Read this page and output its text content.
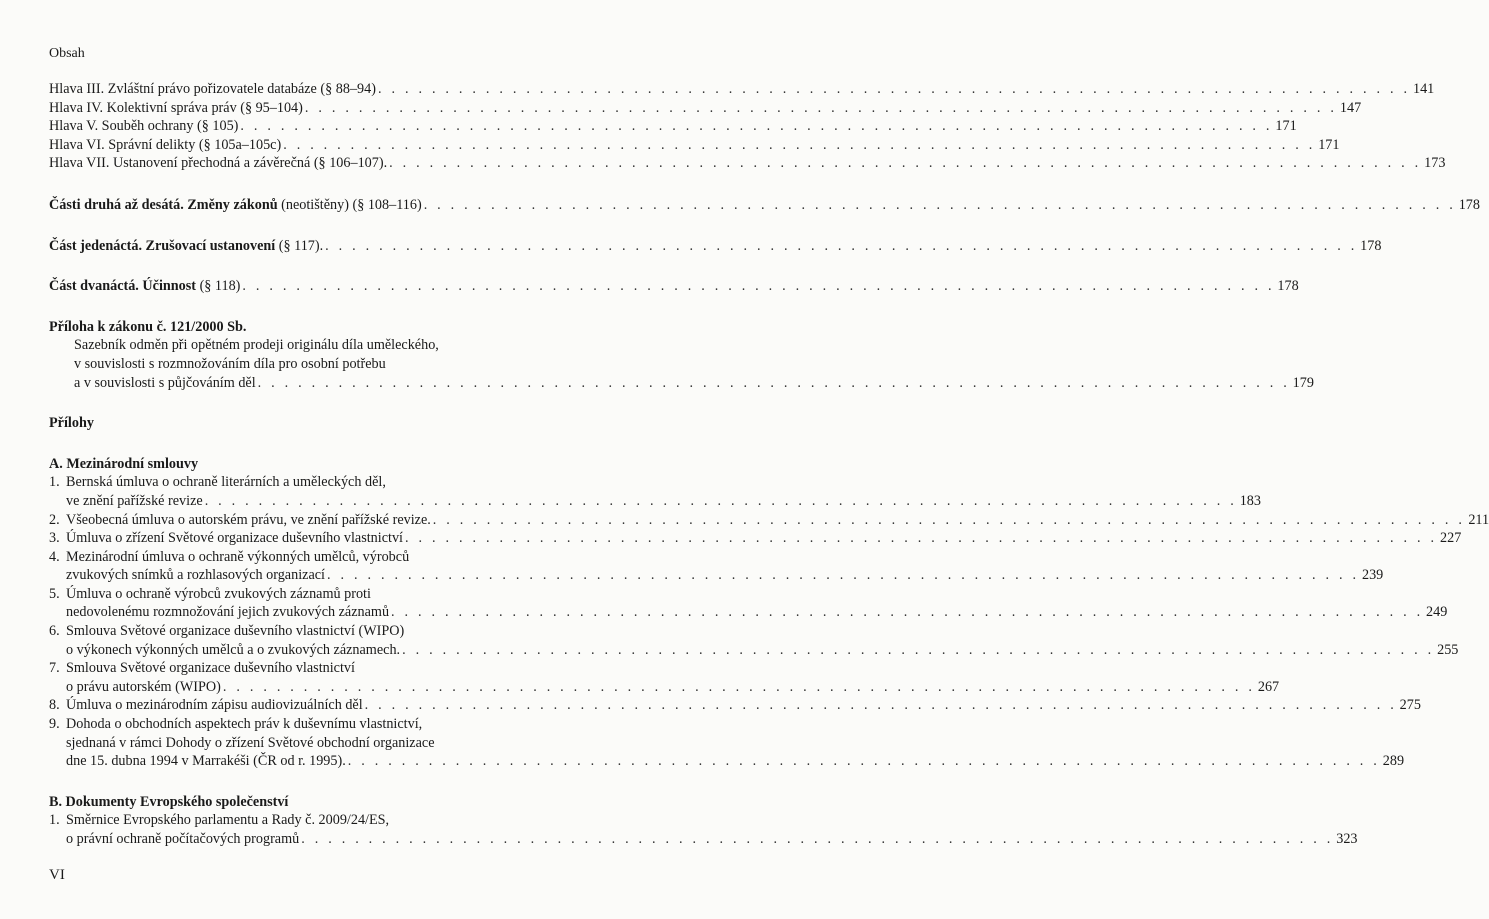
Obsah
Hlava III. Zvláštní právo pořizovatele databáze (§ 88–94) . . .	141
Hlava IV. Kolektivní správa práv (§ 95–104) . . .	147
Hlava V. Souběh ochrany (§ 105) . . .	171
Hlava VI. Správní delikty (§ 105a–105c) . . .	171
Hlava VII. Ustanovení přechodná a závěrečná (§ 106–107). . . .	173
Části druhá až desátá. Změny zákonů (neotištěny) (§ 108–116) . . .	178
Část jedenáctá. Zrušovací ustanovení (§ 117). . . .	178
Část dvanáctá. Účinnost (§ 118) . . .	178
Příloha k zákonu č. 121/2000 Sb.
Sazebník odměn při opětném prodeji originálu díla uměleckého,
v souvislosti s rozmnožováním díla pro osobní potřebu
a v souvislosti s půjčováním děl . . .	179
Přílohy
A. Mezinárodní smlouvy
1. Bernská úmluva o ochraně literárních a uměleckých děl,
ve znění pařížské revize . . .	183
2. Všeobecná úmluva o autorském právu, ve znění pařížské revize. . . .	211
3. Úmluva o zřízení Světové organizace duševního vlastnictví . . .	227
4. Mezinárodní úmluva o ochraně výkonných umělců, výrobců
zvukových snímků a rozhlasových organizací . . .	239
5. Úmluva o ochraně výrobců zvukových záznamů proti
nedovolenému rozmnožování jejich zvukových záznamů . . .	249
6. Smlouva Světové organizace duševního vlastnictví (WIPO)
o výkonech výkonných umělců a o zvukových záznamech. . . .	255
7. Smlouva Světové organizace duševního vlastnictví
o právu autorském (WIPO) . . .	267
8. Úmluva o mezinárodním zápisu audiovizuálních děl . . .	275
9. Dohoda o obchodních aspektech práv k duševnímu vlastnictví,
sjednaná v rámci Dohody o zřízení Světové obchodní organizace
dne 15. dubna 1994 v Marrakéši (ČR od r. 1995). . . .	289
B. Dokumenty Evropského společenství
1. Směrnice Evropského parlamentu a Rady č. 2009/24/ES,
o právní ochraně počítačových programů . . .	323
VI
